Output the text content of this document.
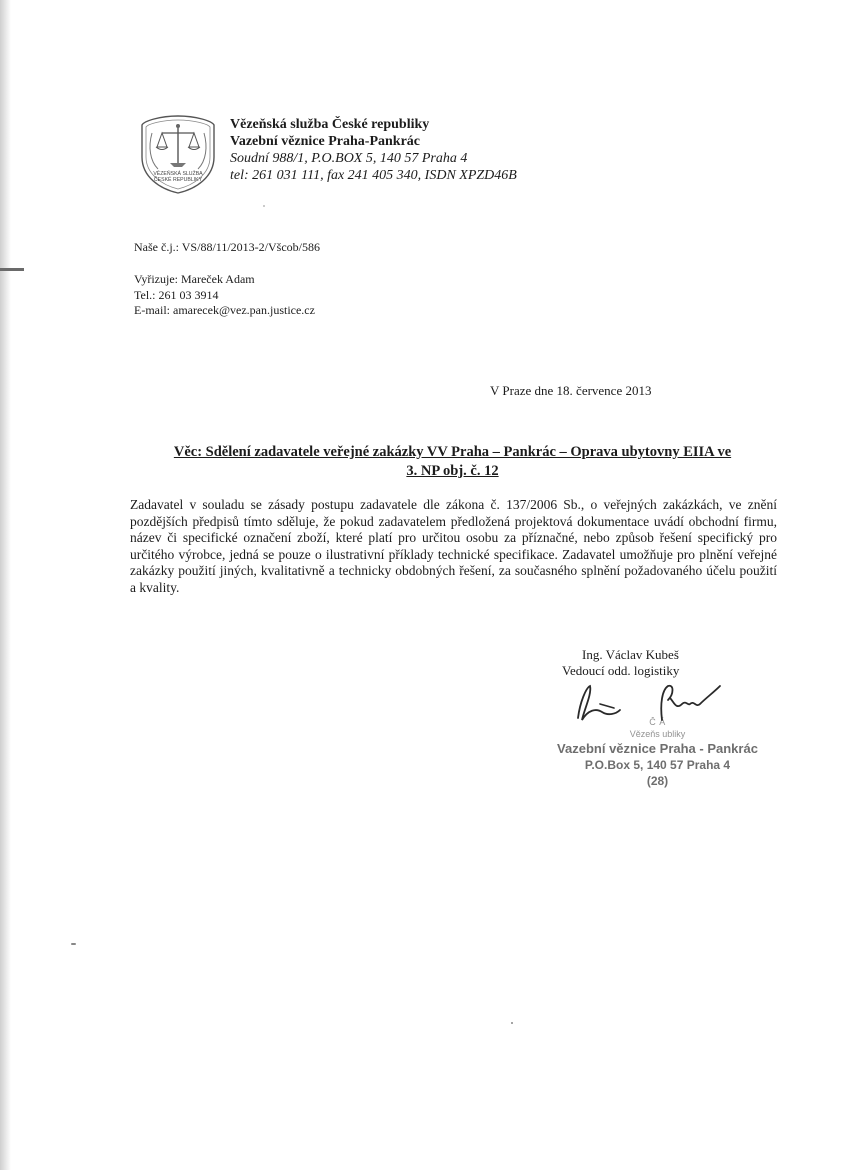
VĚZEŇSKÁ SLUŽBA
ČESKÉ REPUBLIKY
Vězeňská služba České republiky
Vazební věznice Praha-Pankrác
Soudní 988/1, P.O.BOX 5, 140 57 Praha 4
tel: 261 031 111, fax 241 405 340, ISDN XPZD46B
Naše č.j.: VS/88/11/2013-2/Všcob/586
Vyřizuje: Mareček Adam
Tel.: 261 03 3914
E-mail: amarecek@vez.pan.justice.cz
V Praze dne 18. července 2013
Věc: Sdělení zadavatele veřejné zakázky VV Praha – Pankrác – Oprava ubytovny EIIA ve
3. NP obj. č. 12
Zadavatel v souladu se zásady postupu zadavatele dle zákona č. 137/2006 Sb., o veřejných zakázkách, ve znění pozdějších předpisů tímto sděluje, že pokud zadavatelem předložená projektová dokumentace uvádí obchodní firmu, název či specifické označení zboží, které platí pro určitou osobu za příznačné, nebo způsob řešení specifický pro určitého výrobce, jedná se pouze o ilustrativní příklady technické specifikace. Zadavatel umožňuje pro plnění veřejné zakázky použití jiných, kvalitativně a technicky obdobných řešení, za současného splnění požadovaného účelu použití a kvality.
Ing. Václav Kubeš
Vedoucí odd. logistiky
Č Á
Vězeňs ubliky
Vazební věznice Praha - Pankrác
P.O.Box 5, 140 57 Praha 4
(28)
